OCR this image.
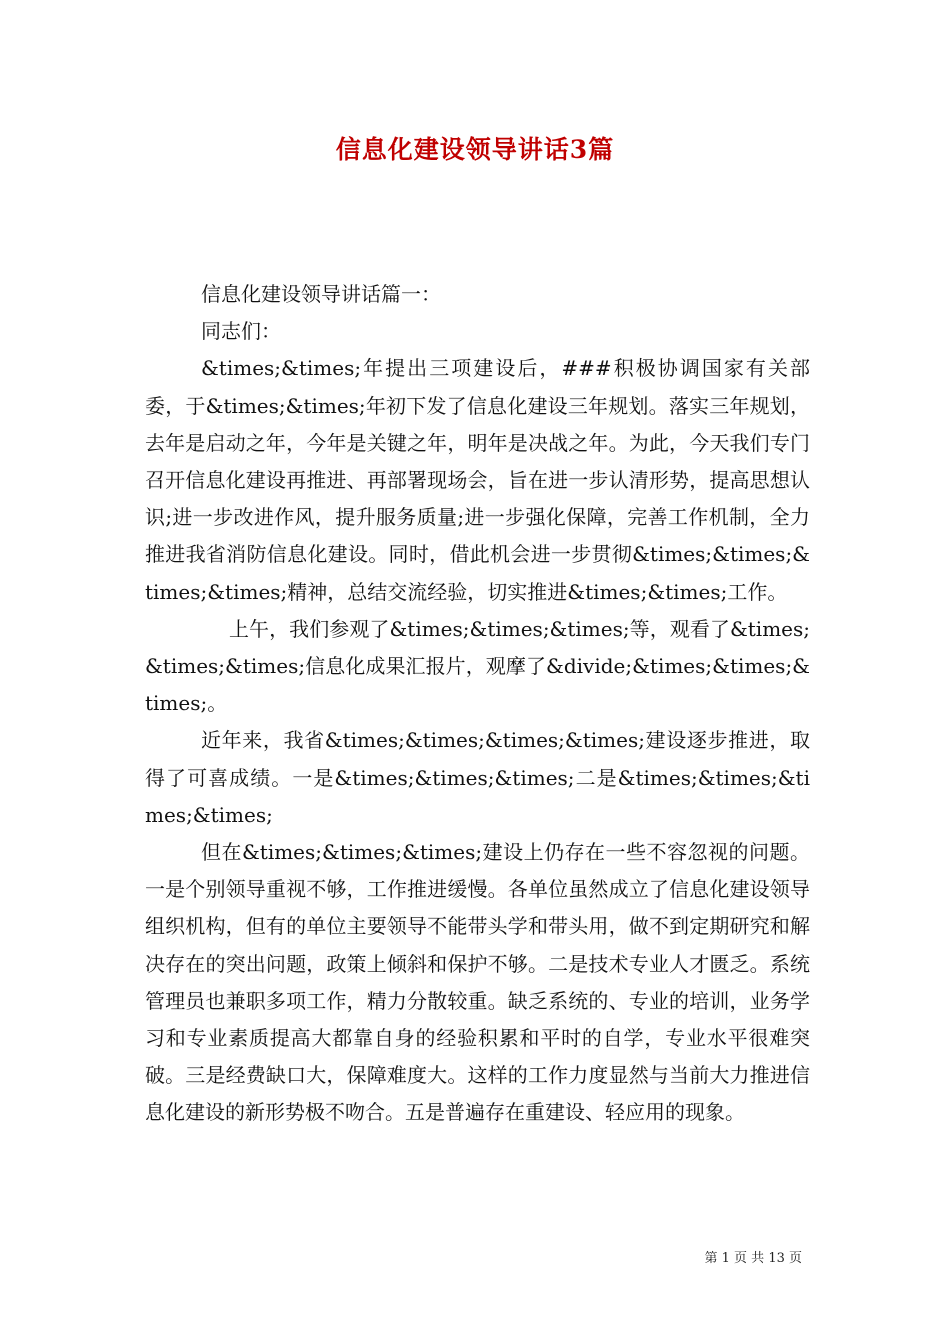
信息化建设领导讲话3篇

信息化建设领导讲话篇一：

同志们：

&times;&times;年提出三项建设后，###积极协调国家有关部委，于&times;&times;年初下发了信息化建设三年规划。落实三年规划，去年是启动之年，今年是关键之年，明年是决战之年。为此，今天我们专门召开信息化建设再推进、再部署现场会，旨在进一步认清形势，提高思想认识;进一步改进作风，提升服务质量;进一步强化保障，完善工作机制，全力推进我省消防信息化建设。同时，借此机会进一步贯彻&times;&times;&times;&times;精神，总结交流经验，切实推进&times;&times;工作。

上午，我们参观了&times;&times;&times;等，观看了&times;&times;&times;信息化成果汇报片，观摩了&divide;&times;&times;&times;。

近年来，我省&times;&times;&times;&times;建设逐步推进，取得了可喜成绩。一是&times;&times;&times;二是&times;&times;&times;&times;

但在&times;&times;&times;建设上仍存在一些不容忽视的问题。一是个别领导重视不够，工作推进缓慢。各单位虽然成立了信息化建设领导组织机构，但有的单位主要领导不能带头学和带头用，做不到定期研究和解决存在的突出问题，政策上倾斜和保护不够。二是技术专业人才匮乏。系统管理员也兼职多项工作，精力分散较重。缺乏系统的、专业的培训，业务学习和专业素质提高大都靠自身的经验积累和平时的自学，专业水平很难突破。三是经费缺口大，保障难度大。这样的工作力度显然与当前大力推进信息化建设的新形势极不吻合。五是普遍存在重建设、轻应用的现象。

第 1 页 共 13 页
